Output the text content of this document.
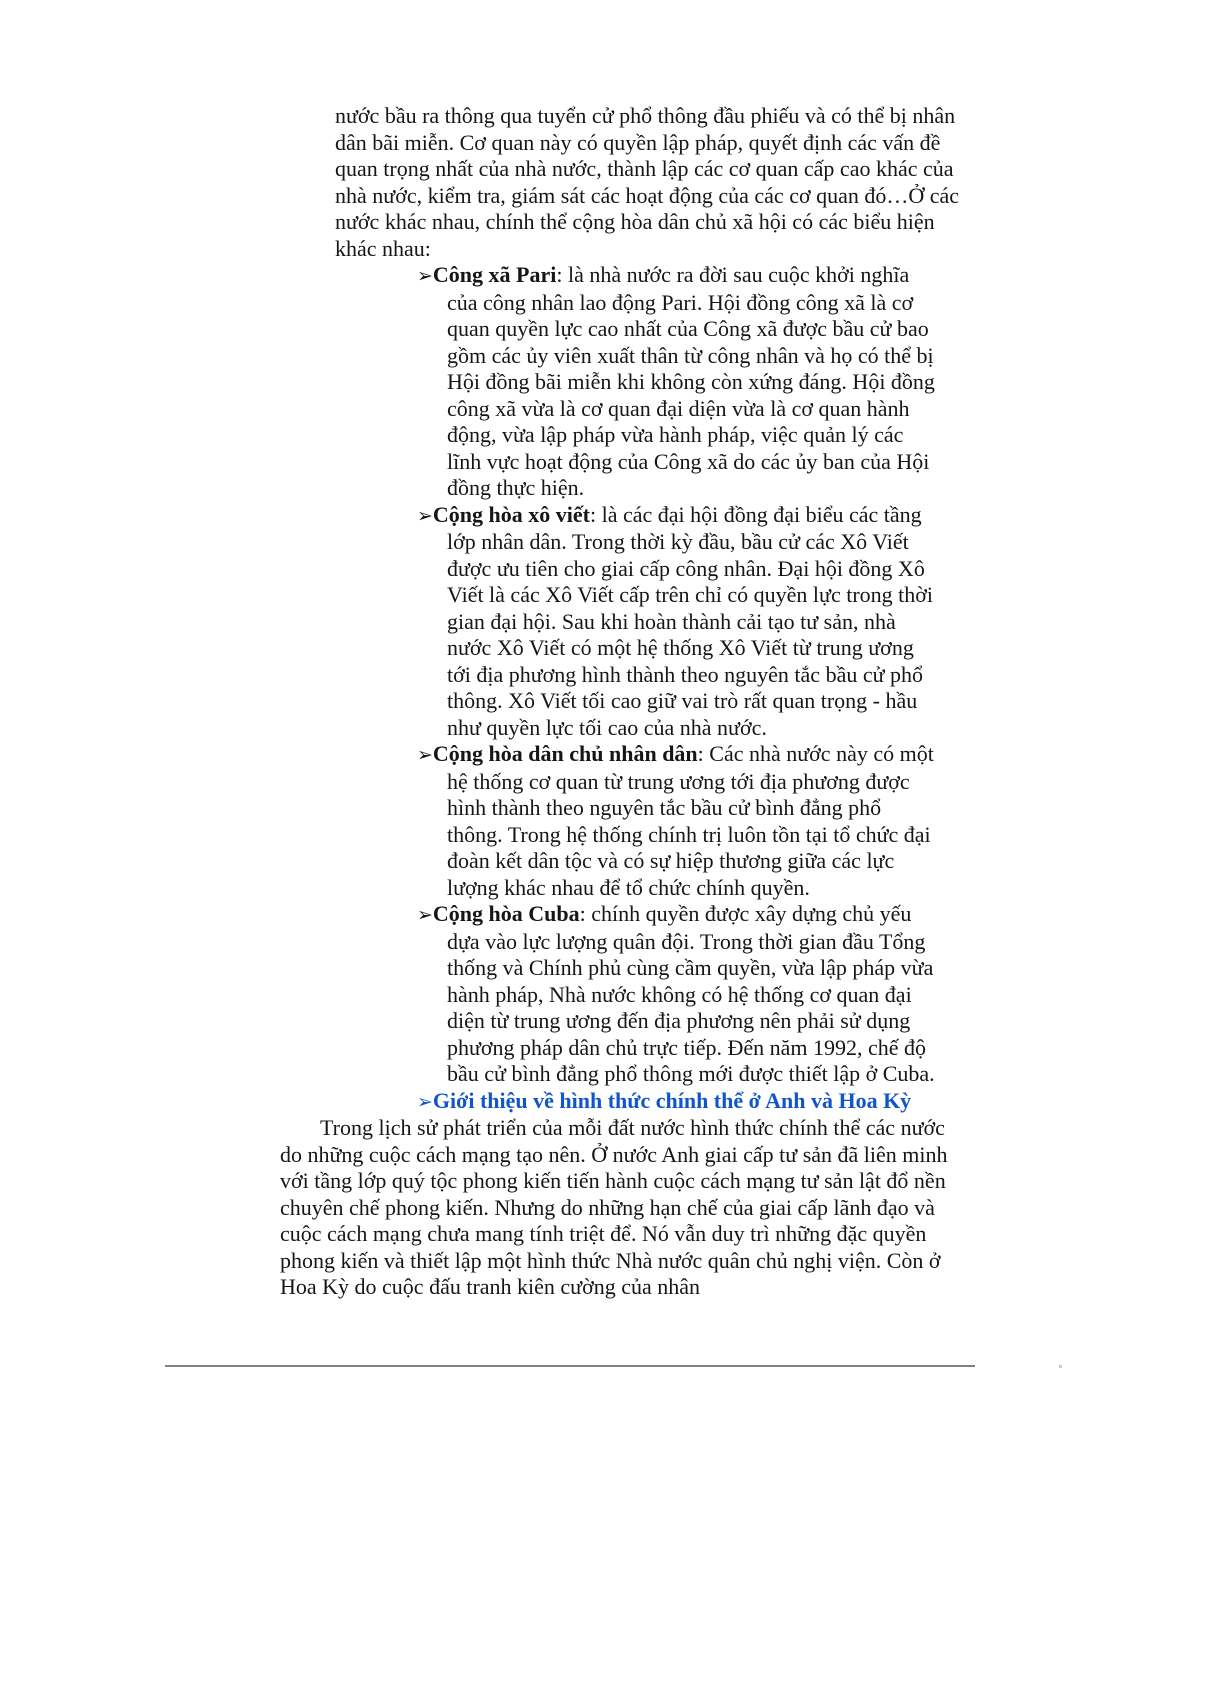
nước bầu ra thông qua tuyển cử phổ thông đầu phiếu và có thể bị nhân dân bãi miễn. Cơ quan này có quyền lập pháp, quyết định các vấn đề quan trọng nhất của nhà nước, thành lập các cơ quan cấp cao khác của nhà nước, kiểm tra, giám sát các hoạt động của các cơ quan đó…Ở các nước khác nhau, chính thể cộng hòa dân chủ xã hội có các biểu hiện khác nhau:

➢Công xã Pari: là nhà nước ra đời sau cuộc khởi nghĩa của công nhân lao động Pari. Hội đồng công xã là cơ quan quyền lực cao nhất của Công xã được bầu cử bao gồm các ủy viên xuất thân từ công nhân và họ có thể bị Hội đồng bãi miễn khi không còn xứng đáng. Hội đồng công xã vừa là cơ quan đại diện vừa là cơ quan hành động, vừa lập pháp vừa hành pháp, việc quản lý các lĩnh vực hoạt động của Công xã do các ủy ban của Hội đồng thực hiện.
➢Cộng hòa xô viết: là các đại hội đồng đại biểu các tầng lớp nhân dân. Trong thời kỳ đầu, bầu cử các Xô Viết được ưu tiên cho giai cấp công nhân. Đại hội đồng Xô Viết là các Xô Viết cấp trên chỉ có quyền lực trong thời gian đại hội. Sau khi hoàn thành cải tạo tư sản, nhà nước Xô Viết có một hệ thống Xô Viết từ trung ương tới địa phương hình thành theo nguyên tắc bầu cử phổ thông. Xô Viết tối cao giữ vai trò rất quan trọng - hầu như quyền lực tối cao của nhà nước.
➢Cộng hòa dân chủ nhân dân: Các nhà nước này có một hệ thống cơ quan từ trung ương tới địa phương được hình thành theo nguyên tắc bầu cử bình đẳng phổ thông. Trong hệ thống chính trị luôn tồn tại tổ chức đại đoàn kết dân tộc và có sự hiệp thương giữa các lực lượng khác nhau để tổ chức chính quyền.
➢Cộng hòa Cuba: chính quyền được xây dựng chủ yếu dựa vào lực lượng quân đội. Trong thời gian đầu Tổng thống và Chính phủ cùng cầm quyền, vừa lập pháp vừa hành pháp, Nhà nước không có hệ thống cơ quan đại diện từ trung ương đến địa phương nên phải sử dụng phương pháp dân chủ trực tiếp. Đến năm 1992, chế độ bầu cử bình đẳng phổ thông mới được thiết lập ở Cuba.

➢Giới thiệu về hình thức chính thể ở Anh và Hoa Kỳ

Trong lịch sử phát triển của mỗi đất nước hình thức chính thể các nước do những cuộc cách mạng tạo nên. Ở nước Anh giai cấp tư sản đã liên minh với tầng lớp quý tộc phong kiến tiến hành cuộc cách mạng tư sản lật đổ nền chuyên chế phong kiến. Nhưng do những hạn chế của giai cấp lãnh đạo và cuộc cách mạng chưa mang tính triệt để. Nó vẫn duy trì những đặc quyền phong kiến và thiết lập một hình thức Nhà nước quân chủ nghị viện. Còn ở Hoa Kỳ do cuộc đấu tranh kiên cường của nhân
